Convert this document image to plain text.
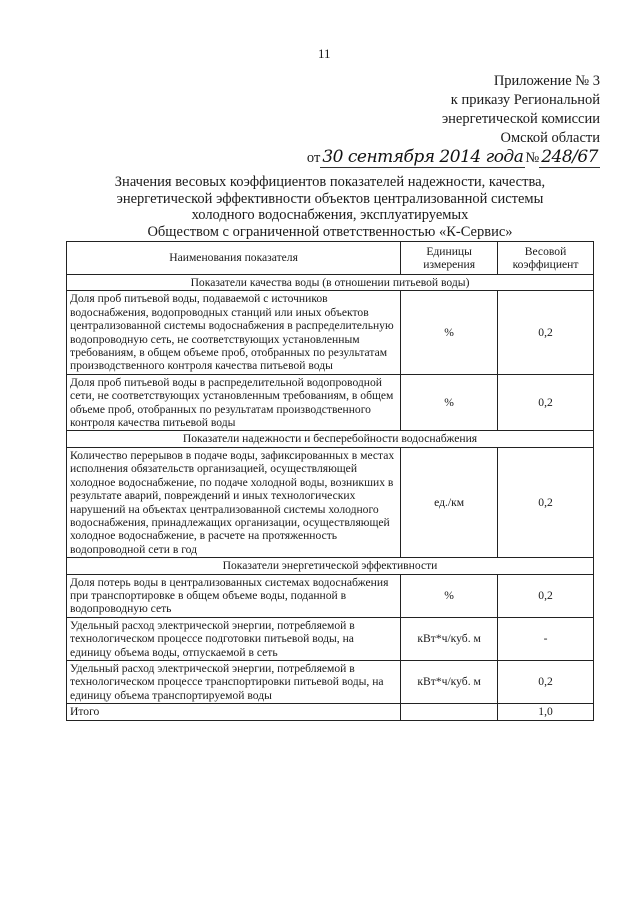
11
Приложение № 3
к приказу Региональной
энергетической комиссии
Омской области
от 30 сентября 2014 года № 248/67
Значения весовых коэффициентов показателей надежности, качества,
энергетической эффективности объектов централизованной системы
холодного водоснабжения, эксплуатируемых
Обществом с ограниченной ответственностью «К-Сервис»
Наименования показателя	Единицы измерения	Весовой коэффициент
Показатели качества воды (в отношении питьевой воды)		
Доля проб питьевой воды, подаваемой с источников водоснабжения, водопроводных станций или иных объектов централизованной системы водоснабжения в распределительную водопроводную сеть, не соответствующих установленным требованиям, в общем объеме проб, отобранных по результатам производственного контроля качества питьевой воды	%	0,2
Доля проб питьевой воды в распределительной водопроводной сети, не соответствующих установленным требованиям, в общем объеме проб, отобранных по результатам производственного контроля качества питьевой воды	%	0,2
Показатели надежности и бесперебойности водоснабжения		
Количество перерывов в подаче воды, зафиксированных в местах исполнения обязательств организацией, осуществляющей холодное водоснабжение, по подаче холодной воды, возникших в результате аварий, повреждений и иных технологических нарушений на объектах централизованной системы холодного водоснабжения, принадлежащих организации, осуществляющей холодное водоснабжение, в расчете на протяженность водопроводной сети в год	ед./км	0,2
Показатели энергетической эффективности		
Доля потерь воды в централизованных системах водоснабжения при транспортировке в общем объеме воды, поданной в водопроводную сеть	%	0,2
Удельный расход электрической энергии, потребляемой в технологическом процессе подготовки питьевой воды, на единицу объема воды, отпускаемой в сеть	кВт*ч/куб. м	-
Удельный расход электрической энергии, потребляемой в технологическом процессе транспортировки питьевой воды, на единицу объема транспортируемой воды	кВт*ч/куб. м	0,2
Итого		1,0
